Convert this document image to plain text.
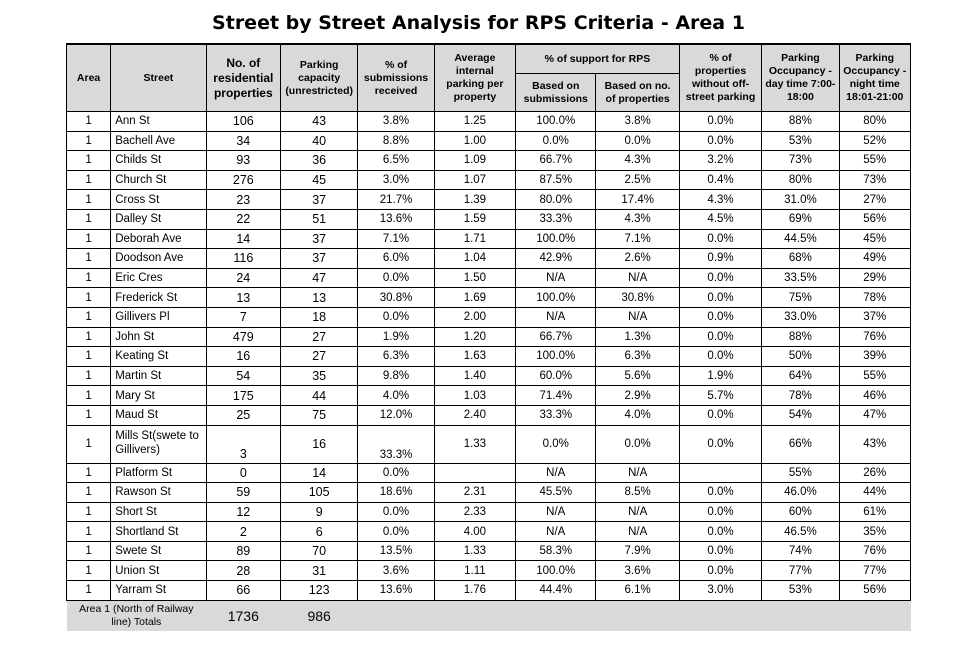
Street by Street Analysis for RPS Criteria - Area 1
Area	Street	No. of residential properties	Parking capacity (unrestricted)	% of submissions received	Average internal parking per property	% of support for RPS		% of properties without off-street parking	Parking Occupancy - day time 7:00-18:00	Parking Occupancy - night time 18:01-21:00
						Based on submissions	Based on no. of properties			
1	Ann St	106	43	3.8%	1.25	100.0%	3.8%	0.0%	88%	80%
1	Bachell Ave	34	40	8.8%	1.00	0.0%	0.0%	0.0%	53%	52%
1	Childs St	93	36	6.5%	1.09	66.7%	4.3%	3.2%	73%	55%
1	Church St	276	45	3.0%	1.07	87.5%	2.5%	0.4%	80%	73%
1	Cross St	23	37	21.7%	1.39	80.0%	17.4%	4.3%	31.0%	27%
1	Dalley St	22	51	13.6%	1.59	33.3%	4.3%	4.5%	69%	56%
1	Deborah Ave	14	37	7.1%	1.71	100.0%	7.1%	0.0%	44.5%	45%
1	Doodson Ave	116	37	6.0%	1.04	42.9%	2.6%	0.9%	68%	49%
1	Eric Cres	24	47	0.0%	1.50	N/A	N/A	0.0%	33.5%	29%
1	Frederick St	13	13	30.8%	1.69	100.0%	30.8%	0.0%	75%	78%
1	Gillivers Pl	7	18	0.0%	2.00	N/A	N/A	0.0%	33.0%	37%
1	John St	479	27	1.9%	1.20	66.7%	1.3%	0.0%	88%	76%
1	Keating St	16	27	6.3%	1.63	100.0%	6.3%	0.0%	50%	39%
1	Martin St	54	35	9.8%	1.40	60.0%	5.6%	1.9%	64%	55%
1	Mary St	175	44	4.0%	1.03	71.4%	2.9%	5.7%	78%	46%
1	Maud St	25	75	12.0%	2.40	33.3%	4.0%	0.0%	54%	47%
1	Mills St(swete to Gillivers)	3	16	33.3%	1.33	0.0%	0.0%	0.0%	66%	43%
1	Platform St	0	14	0.0%		N/A	N/A		55%	26%
1	Rawson St	59	105	18.6%	2.31	45.5%	8.5%	0.0%	46.0%	44%
1	Short St	12	9	0.0%	2.33	N/A	N/A	0.0%	60%	61%
1	Shortland St	2	6	0.0%	4.00	N/A	N/A	0.0%	46.5%	35%
1	Swete St	89	70	13.5%	1.33	58.3%	7.9%	0.0%	74%	76%
1	Union St	28	31	3.6%	1.11	100.0%	3.6%	0.0%	77%	77%
1	Yarram St	66	123	13.6%	1.76	44.4%	6.1%	3.0%	53%	56%
Area 1 (North of Railway line) Totals		1736	986							
